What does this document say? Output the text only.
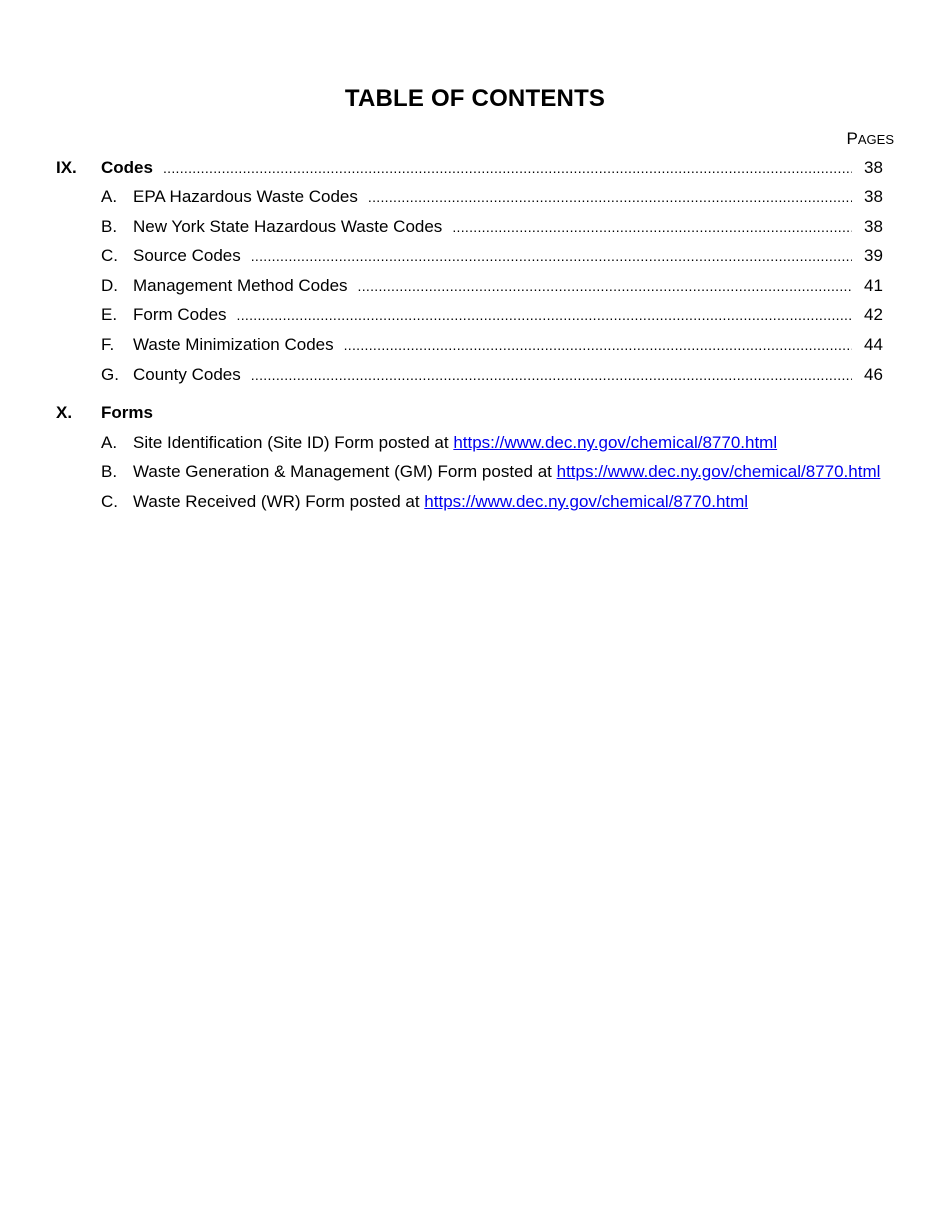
TABLE OF CONTENTS
PAGES
IX. Codes .....	38
A. EPA Hazardous Waste Codes .....	38
B. New York State Hazardous Waste Codes .....	38
C. Source Codes .....	39
D. Management Method Codes .....	41
E. Form Codes .....	42
F. Waste Minimization Codes .....	44
G. County Codes .....	46
X. Forms
A. Site Identification (Site ID) Form posted at https://www.dec.ny.gov/chemical/8770.html
B. Waste Generation & Management (GM) Form posted at https://www.dec.ny.gov/chemical/8770.html
C. Waste Received (WR) Form posted at https://www.dec.ny.gov/chemical/8770.html
